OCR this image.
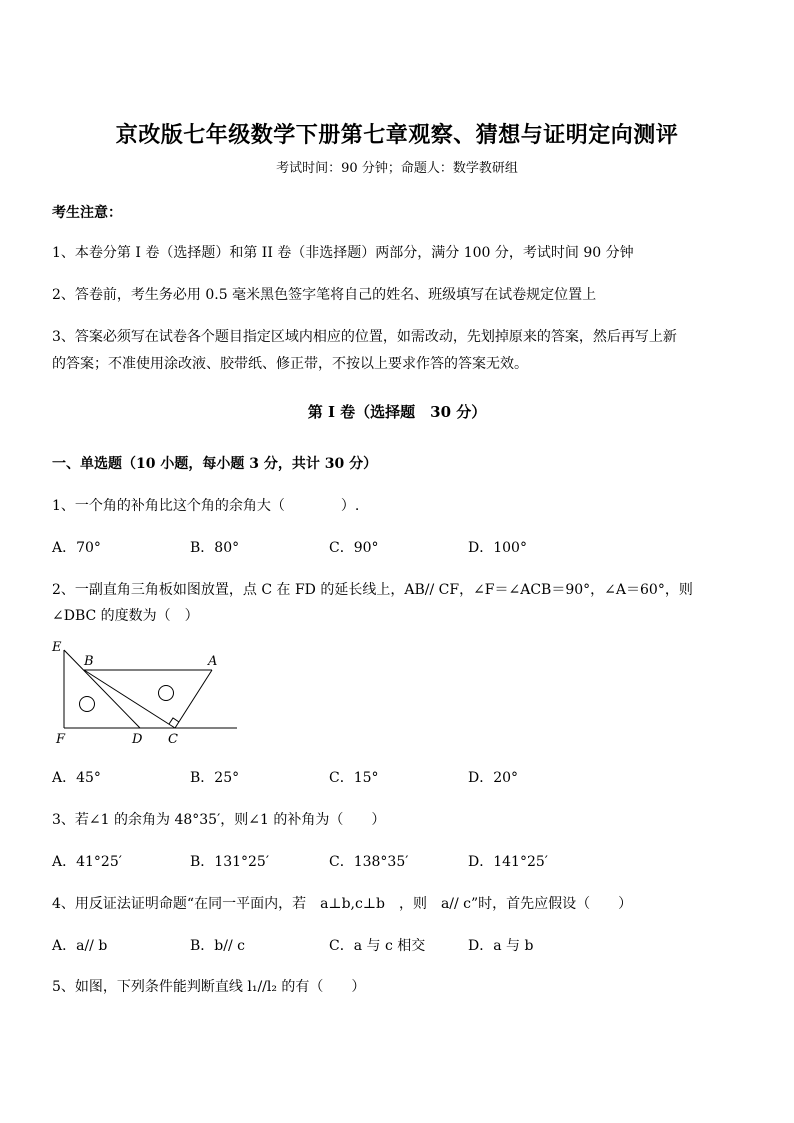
京改版七年级数学下册第七章观察、猜想与证明定向测评
考试时间：90 分钟；命题人：数学教研组
考生注意：
1、本卷分第 I 卷（选择题）和第 II 卷（非选择题）两部分，满分 100 分，考试时间 90 分钟
2、答卷前，考生务必用 0.5 毫米黑色签字笔将自己的姓名、班级填写在试卷规定位置上
3、答案必须写在试卷各个题目指定区域内相应的位置，如需改动，先划掉原来的答案，然后再写上新
的答案；不准使用涂改液、胶带纸、修正带，不按以上要求作答的答案无效。
第 I 卷（选择题　30 分）
一、单选题（10 小题，每小题 3 分，共计 30 分）
1、一个角的补角比这个角的余角大（　　　　）.
A．70°	B．80°	C．90°	D．100°
2、一副直角三角板如图放置，点 C 在 FD 的延长线上，AB// CF，∠F＝∠ACB＝90°，∠A＝60°，则
∠DBC 的度数为（　）
E
B	A
F	D C
A．45°	B．25°	C．15°	D．20°
3、若∠1 的余角为 48°35′，则∠1 的补角为（　　）
A．41°25′	B．131°25′	C．138°35′	D．141°25′
4、用反证法证明命题“在同一平面内，若　a⊥b,c⊥b　，则　a// c”时，首先应假设（　　）
A．a// b	B．b// c	C．a 与 c 相交	D．a 与 b
5、如图，下列条件能判断直线 l₁//l₂ 的有（　　）
